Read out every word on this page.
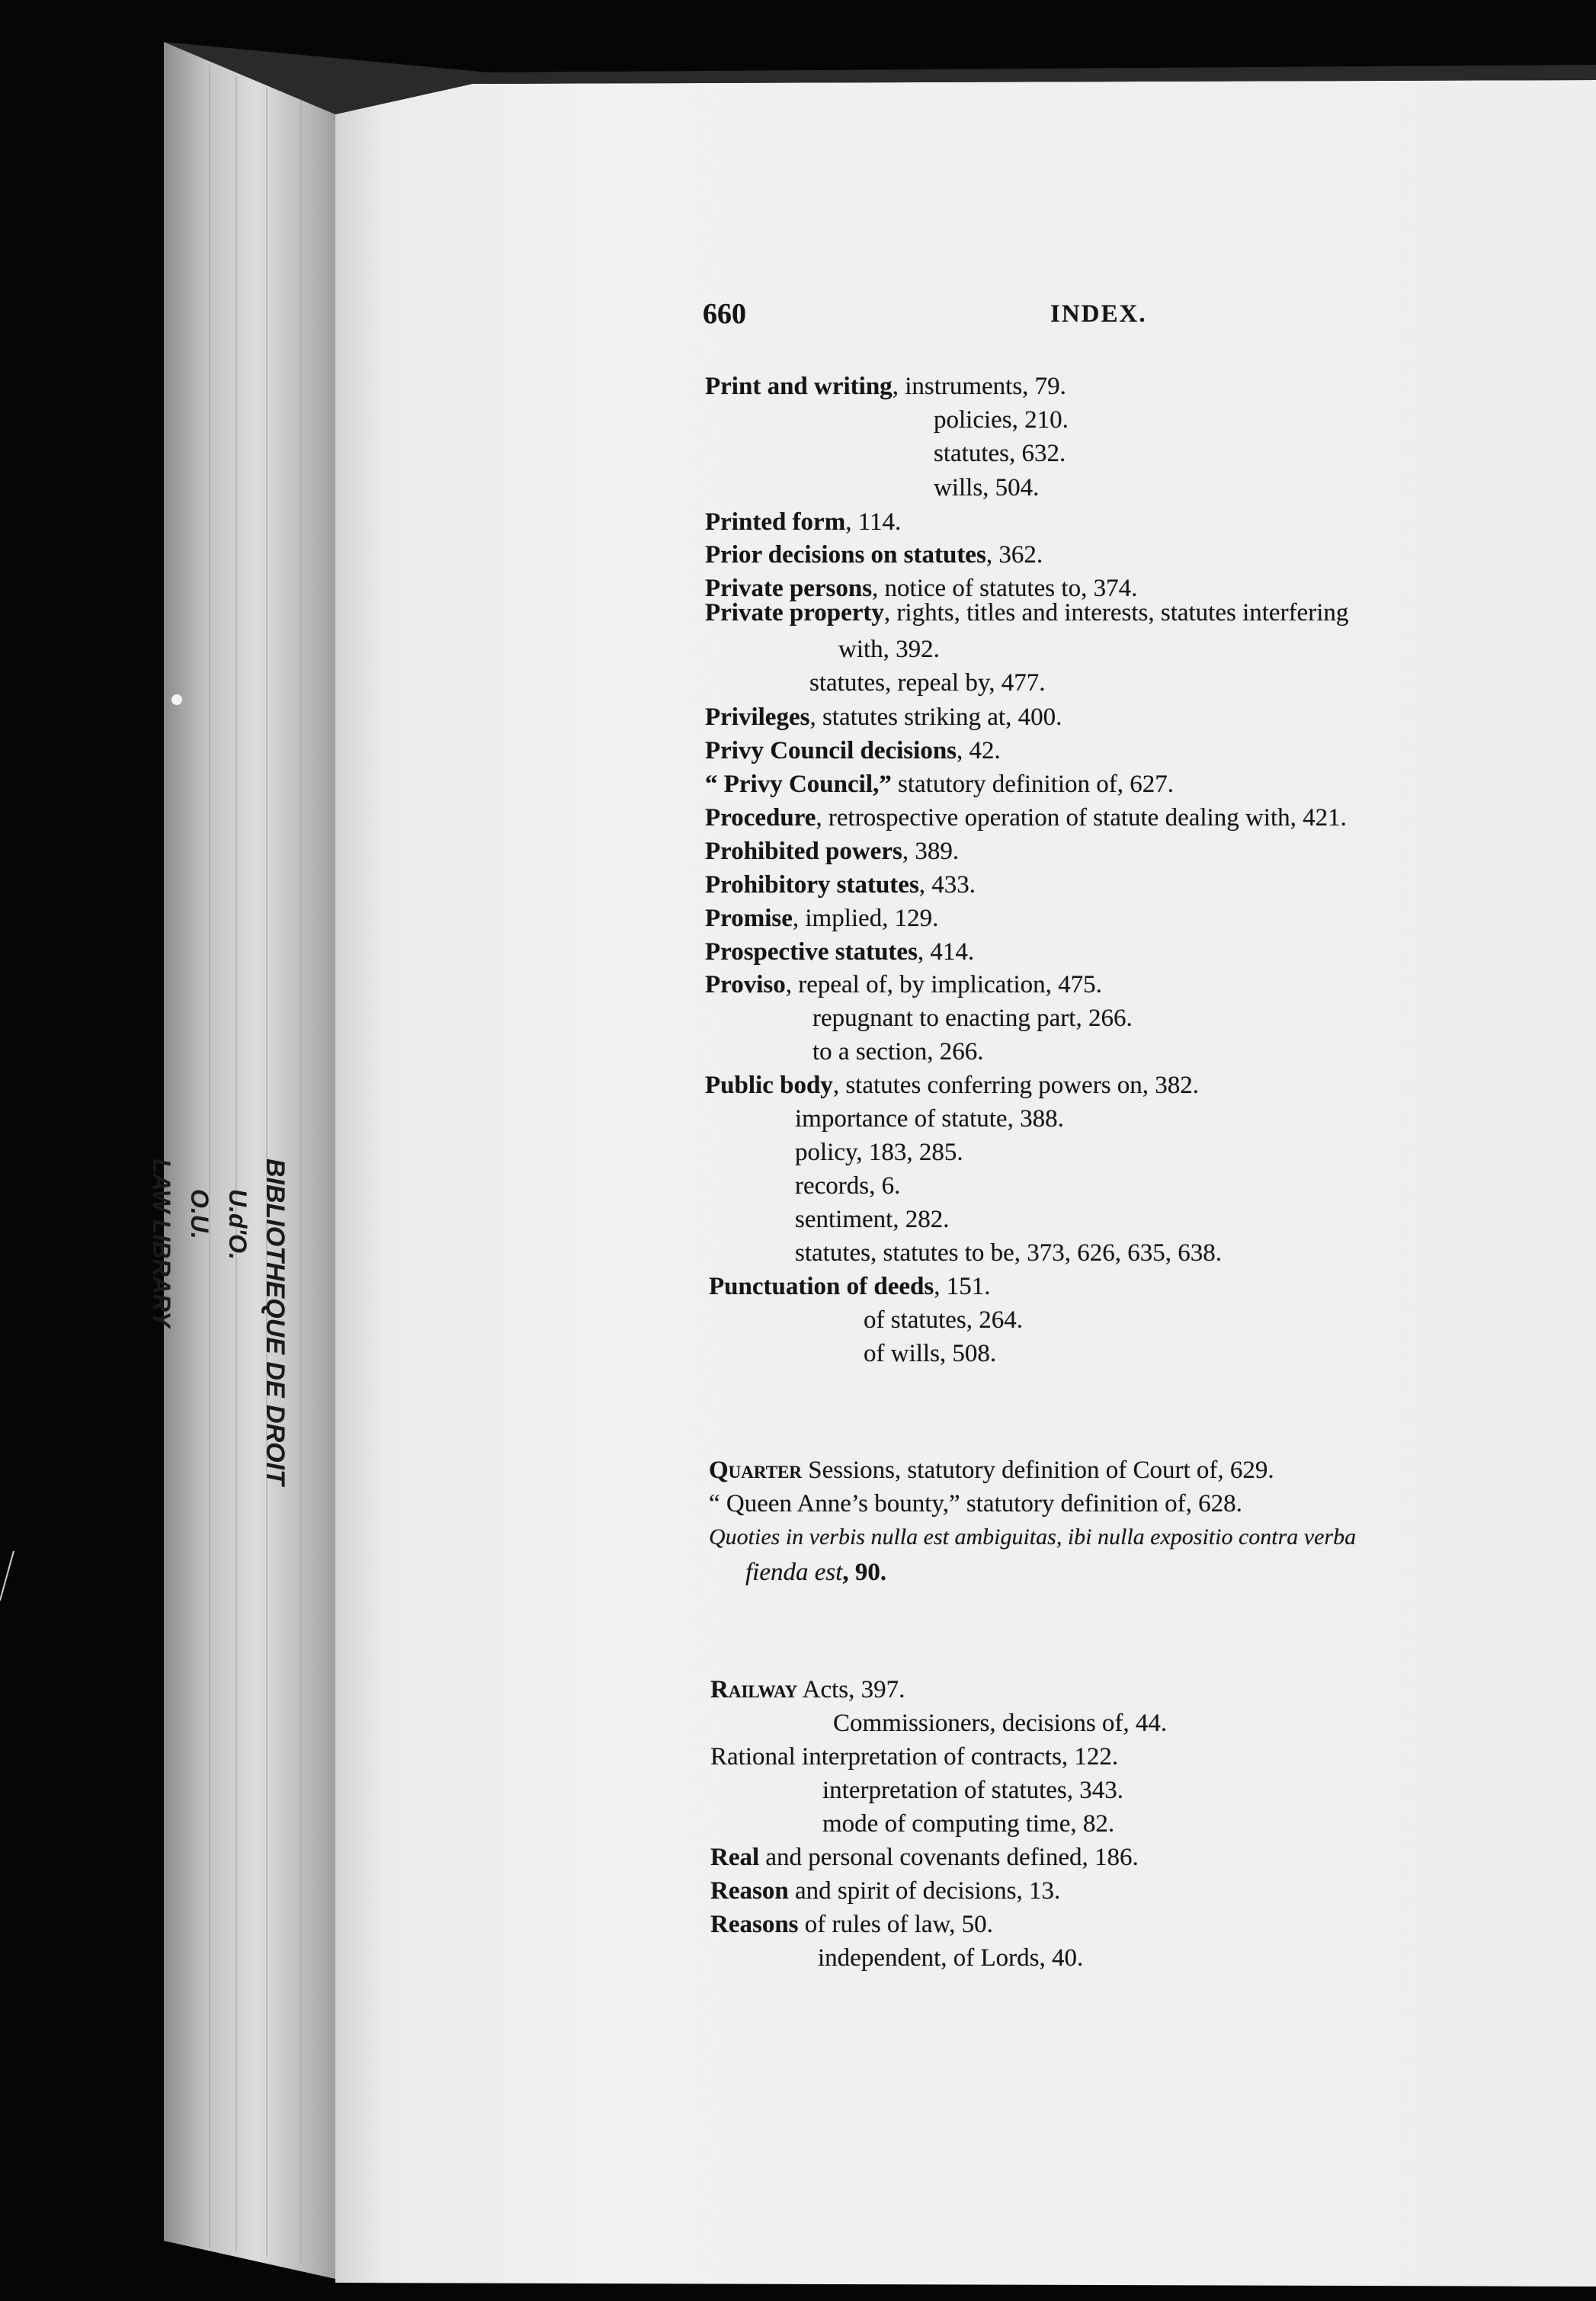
BIBLIOTHEQUE DE DROIT
U.d'O.
O.U.
LAW LIBRARY
660	INDEX.
Print and writing, instruments, 79.
policies, 210.
statutes, 632.
wills, 504.
Printed form, 114.
Prior decisions on statutes, 362.
Private persons, notice of statutes to, 374.
Private property, rights, titles and interests, statutes interfering
with, 392.
statutes, repeal by, 477.
Privileges, statutes striking at, 400.
Privy Council decisions, 42.
“ Privy Council,” statutory definition of, 627.
Procedure, retrospective operation of statute dealing with, 421.
Prohibited powers, 389.
Prohibitory statutes, 433.
Promise, implied, 129.
Prospective statutes, 414.
Proviso, repeal of, by implication, 475.
repugnant to enacting part, 266.
to a section, 266.
Public body, statutes conferring powers on, 382.
importance of statute, 388.
policy, 183, 285.
records, 6.
sentiment, 282.
statutes, statutes to be, 373, 626, 635, 638.
Punctuation of deeds, 151.
of statutes, 264.
of wills, 508.
Quarter Sessions, statutory definition of Court of, 629.
“ Queen Anne’s bounty,” statutory definition of, 628.
Quoties in verbis nulla est ambiguitas, ibi nulla expositio contra verba
fienda est, 90.
Railway Acts, 397.
Commissioners, decisions of, 44.
Rational interpretation of contracts, 122.
interpretation of statutes, 343.
mode of computing time, 82.
Real and personal covenants defined, 186.
Reason and spirit of decisions, 13.
Reasons of rules of law, 50.
independent, of Lords, 40.
